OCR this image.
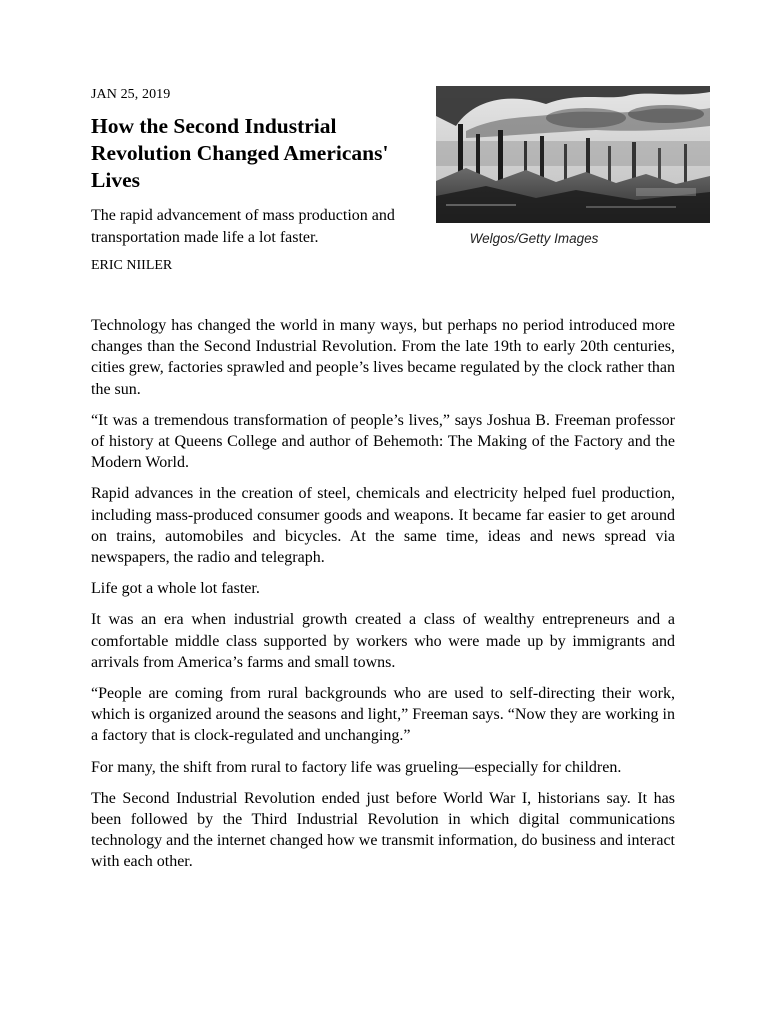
JAN 25, 2019
How the Second Industrial Revolution Changed Americans' Lives

The rapid advancement of mass production and transportation made life a lot faster.

ERIC NIILER
Welgos/Getty Images

Technology has changed the world in many ways, but perhaps no period introduced more changes than the Second Industrial Revolution. From the late 19th to early 20th centuries, cities grew, factories sprawled and people’s lives became regulated by the clock rather than the sun.

“It was a tremendous transformation of people’s lives,” says Joshua B. Freeman professor of history at Queens College and author of Behemoth: The Making of the Factory and the Modern World.

Rapid advances in the creation of steel, chemicals and electricity helped fuel production, including mass-produced consumer goods and weapons. It became far easier to get around on trains, automobiles and bicycles. At the same time, ideas and news spread via newspapers, the radio and telegraph.

Life got a whole lot faster.

It was an era when industrial growth created a class of wealthy entrepreneurs and a comfortable middle class supported by workers who were made up by immigrants and arrivals from America’s farms and small towns.

“People are coming from rural backgrounds who are used to self-directing their work, which is organized around the seasons and light,” Freeman says. “Now they are working in a factory that is clock-regulated and unchanging.”

For many, the shift from rural to factory life was grueling—especially for children.

The Second Industrial Revolution ended just before World War I, historians say. It has been followed by the Third Industrial Revolution in which digital communications technology and the internet changed how we transmit information, do business and interact with each other.
